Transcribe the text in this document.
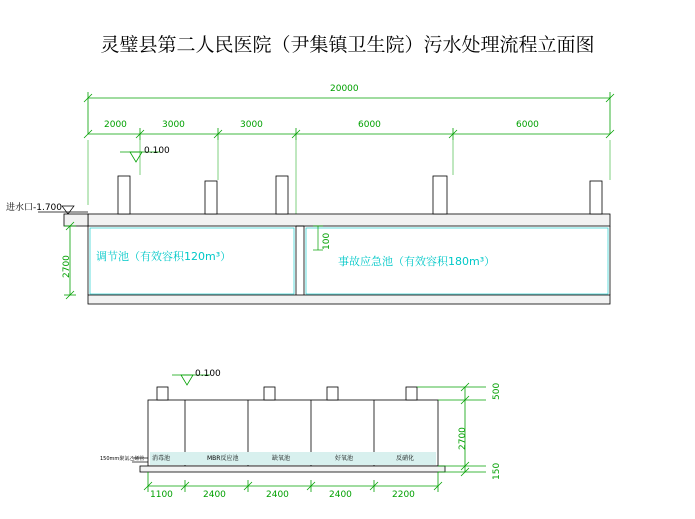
灵璧县第二人民医院（尹集镇卫生院）污水处理流程立面图
20000
2000	3000	3000	6000	6000
0.100
进水口-1.700
2700
100
调节池（有效容积120m³）	事故应急池（有效容积180m³）
0.100
150mm聚氯乙烯管 消毒池	MBR反应池	缺氧池	好氧池	反硝化
1100	2400	2400	2400	2200
500
2700
150
